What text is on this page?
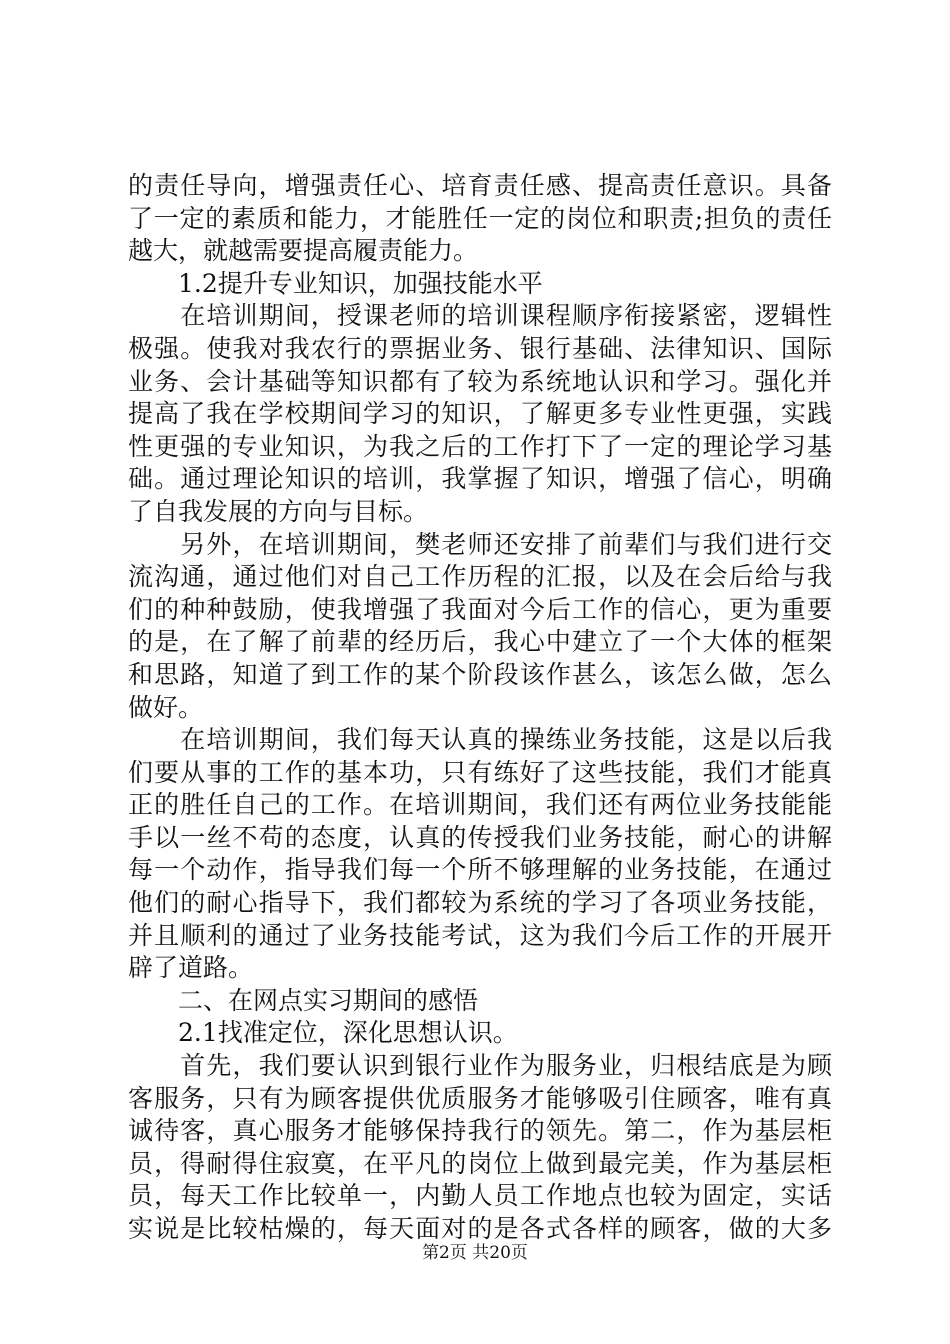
的责任导向，增强责任心、培育责任感、提高责任意识。具备
了一定的素质和能力，才能胜任一定的岗位和职责;担负的责任
越大，就越需要提高履责能力。
　　1.2提升专业知识，加强技能水平
　　在培训期间，授课老师的培训课程顺序衔接紧密，逻辑性
极强。使我对我农行的票据业务、银行基础、法律知识、国际
业务、会计基础等知识都有了较为系统地认识和学习。强化并
提高了我在学校期间学习的知识，了解更多专业性更强，实践
性更强的专业知识，为我之后的工作打下了一定的理论学习基
础。通过理论知识的培训，我掌握了知识，增强了信心，明确
了自我发展的方向与目标。
　　另外，在培训期间，樊老师还安排了前辈们与我们进行交
流沟通，通过他们对自己工作历程的汇报，以及在会后给与我
们的种种鼓励，使我增强了我面对今后工作的信心，更为重要
的是，在了解了前辈的经历后，我心中建立了一个大体的框架
和思路，知道了到工作的某个阶段该作甚么，该怎么做，怎么
做好。
　　在培训期间，我们每天认真的操练业务技能，这是以后我
们要从事的工作的基本功，只有练好了这些技能，我们才能真
正的胜任自己的工作。在培训期间，我们还有两位业务技能能
手以一丝不苟的态度，认真的传授我们业务技能，耐心的讲解
每一个动作，指导我们每一个所不够理解的业务技能，在通过
他们的耐心指导下，我们都较为系统的学习了各项业务技能，
并且顺利的通过了业务技能考试，这为我们今后工作的开展开
辟了道路。
　　二、在网点实习期间的感悟
　　2.1找准定位，深化思想认识。
　　首先，我们要认识到银行业作为服务业，归根结底是为顾
客服务，只有为顾客提供优质服务才能够吸引住顾客，唯有真
诚待客，真心服务才能够保持我行的领先。第二，作为基层柜
员，得耐得住寂寞，在平凡的岗位上做到最完美，作为基层柜
员，每天工作比较单一，内勤人员工作地点也较为固定，实话
实说是比较枯燥的，每天面对的是各式各样的顾客，做的大多
第2页 共20页
